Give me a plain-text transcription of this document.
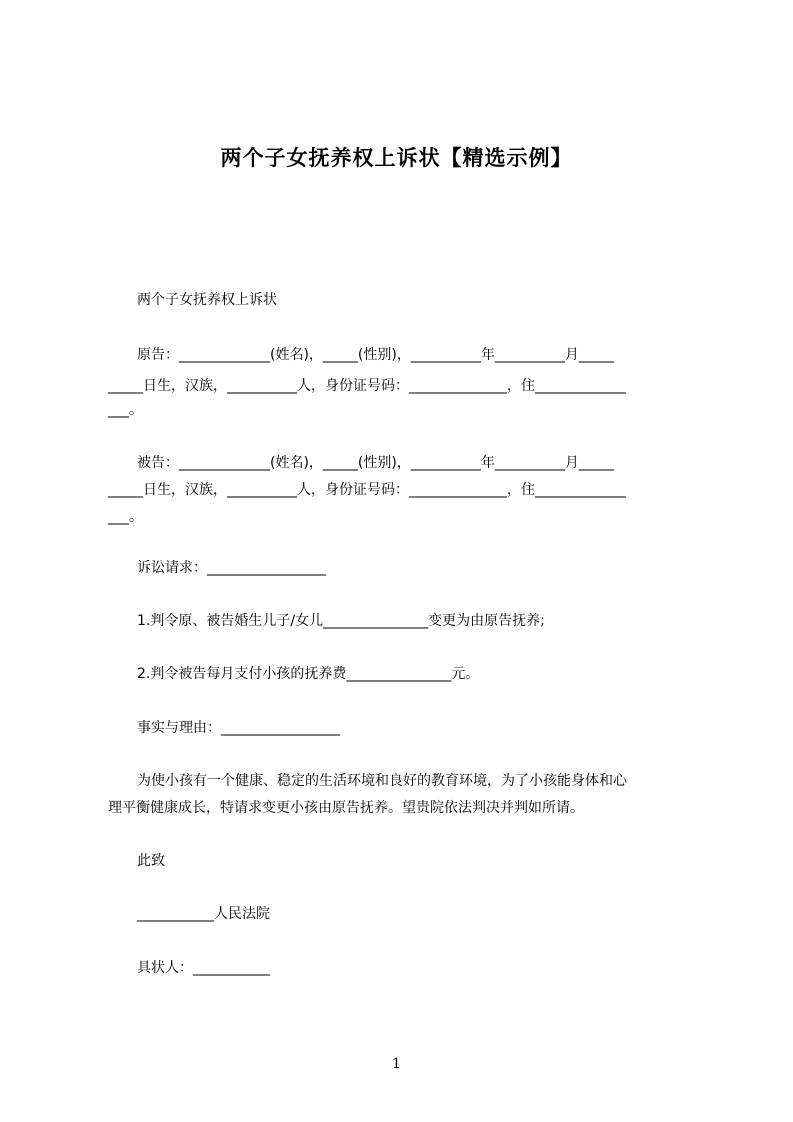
两个子女抚养权上诉状【精选示例】

两个子女抚养权上诉状

原告：_____________(姓名)，_____(性别)，__________年__________月_____

_____日生，汉族，__________人，身份证号码：______________，住_____________

___。

被告：_____________(姓名)，_____(性别)，__________年__________月_____

_____日生，汉族，__________人，身份证号码：______________，住_____________

___。

诉讼请求：_________________

1.判令原、被告婚生儿子/女儿_______________变更为由原告抚养;

2.判令被告每月支付小孩的抚养费_______________元。

事实与理由：_________________

为使小孩有一个健康、稳定的生活环境和良好的教育环境，为了小孩能身体和心

理平衡健康成长，特请求变更小孩由原告抚养。望贵院依法判决并判如所请。

此致

___________人民法院

具状人：___________

1
